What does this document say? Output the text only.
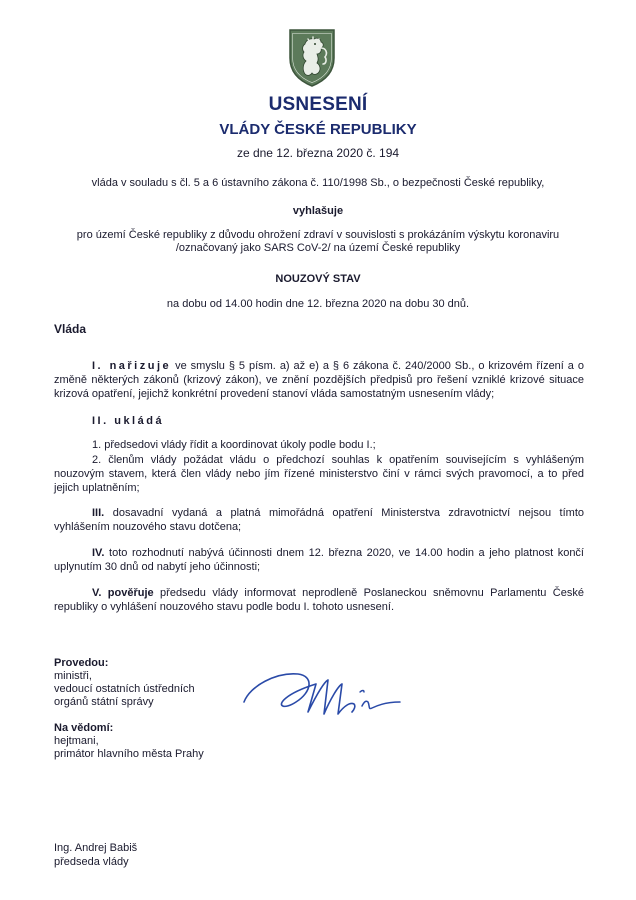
USNESENÍ
VLÁDY ČESKÉ REPUBLIKY
ze dne 12. března 2020 č. 194
vláda v souladu s čl. 5 a 6 ústavního zákona č. 110/1998 Sb., o bezpečnosti České republiky,
vyhlašuje
pro území České republiky z důvodu ohrožení zdraví v souvislosti s prokázáním výskytu koronaviru
/označovaný jako SARS CoV-2/ na území České republiky
NOUZOVÝ STAV
na dobu od 14.00 hodin dne 12. března 2020 na dobu 30 dnů.
Vláda
I. nařizuje ve smyslu § 5 písm. a) až e) a § 6 zákona č. 240/2000 Sb., o krizovém řízení a o změně některých zákonů (krizový zákon), ve znění pozdějších předpisů pro řešení vzniklé krizové situace krizová opatření, jejichž konkrétní provedení stanoví vláda samostatným usnesením vlády;
II. ukládá
1. předsedovi vlády řídit a koordinovat úkoly podle bodu I.;
2. členům vlády požádat vládu o předchozí souhlas k opatřením souvisejícím s vyhlášeným nouzovým stavem, která člen vlády nebo jím řízené ministerstvo činí v rámci svých pravomocí, a to před jejich uplatněním;
III. dosavadní vydaná a platná mimořádná opatření Ministerstva zdravotnictví nejsou tímto vyhlášením nouzového stavu dotčena;
IV. toto rozhodnutí nabývá účinnosti dnem 12. března 2020, ve 14.00 hodin a jeho platnost končí uplynutím 30 dnů od nabytí jeho účinnosti;
V. pověřuje předsedu vlády informovat neprodleně Poslaneckou sněmovnu Parlamentu České republiky o vyhlášení nouzového stavu podle bodu I. tohoto usnesení.
Provedou:
ministři,
vedoucí ostatních ústředních
orgánů státní správy
Na vědomí:
hejtmani,
primátor hlavního města Prahy
Ing. Andrej Babiš
předseda vlády
